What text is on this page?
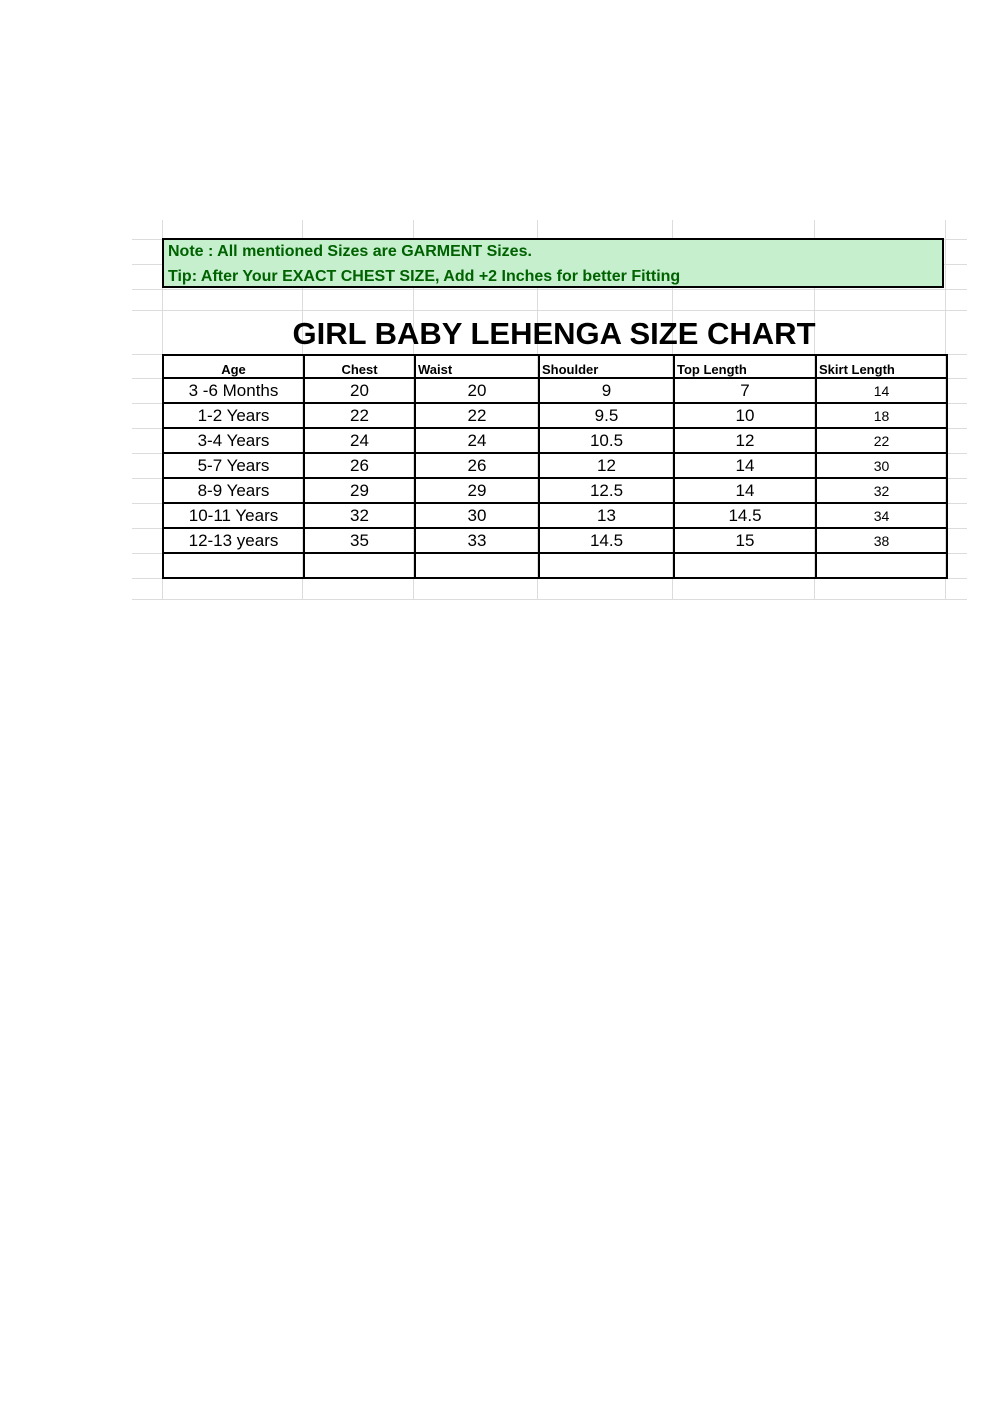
Note : All mentioned Sizes are GARMENT Sizes.
Tip: After Your EXACT CHEST SIZE, Add +2 Inches for better Fitting
GIRL BABY LEHENGA SIZE CHART
Age	Chest	Waist	Shoulder	Top Length	Skirt Length
3 -6 Months	20	20	9	7	14
1-2 Years	22	22	9.5	10	18
3-4 Years	24	24	10.5	12	22
5-7 Years	26	26	12	14	30
8-9 Years	29	29	12.5	14	32
10-11 Years	32	30	13	14.5	34
12-13 years	35	33	14.5	15	38
